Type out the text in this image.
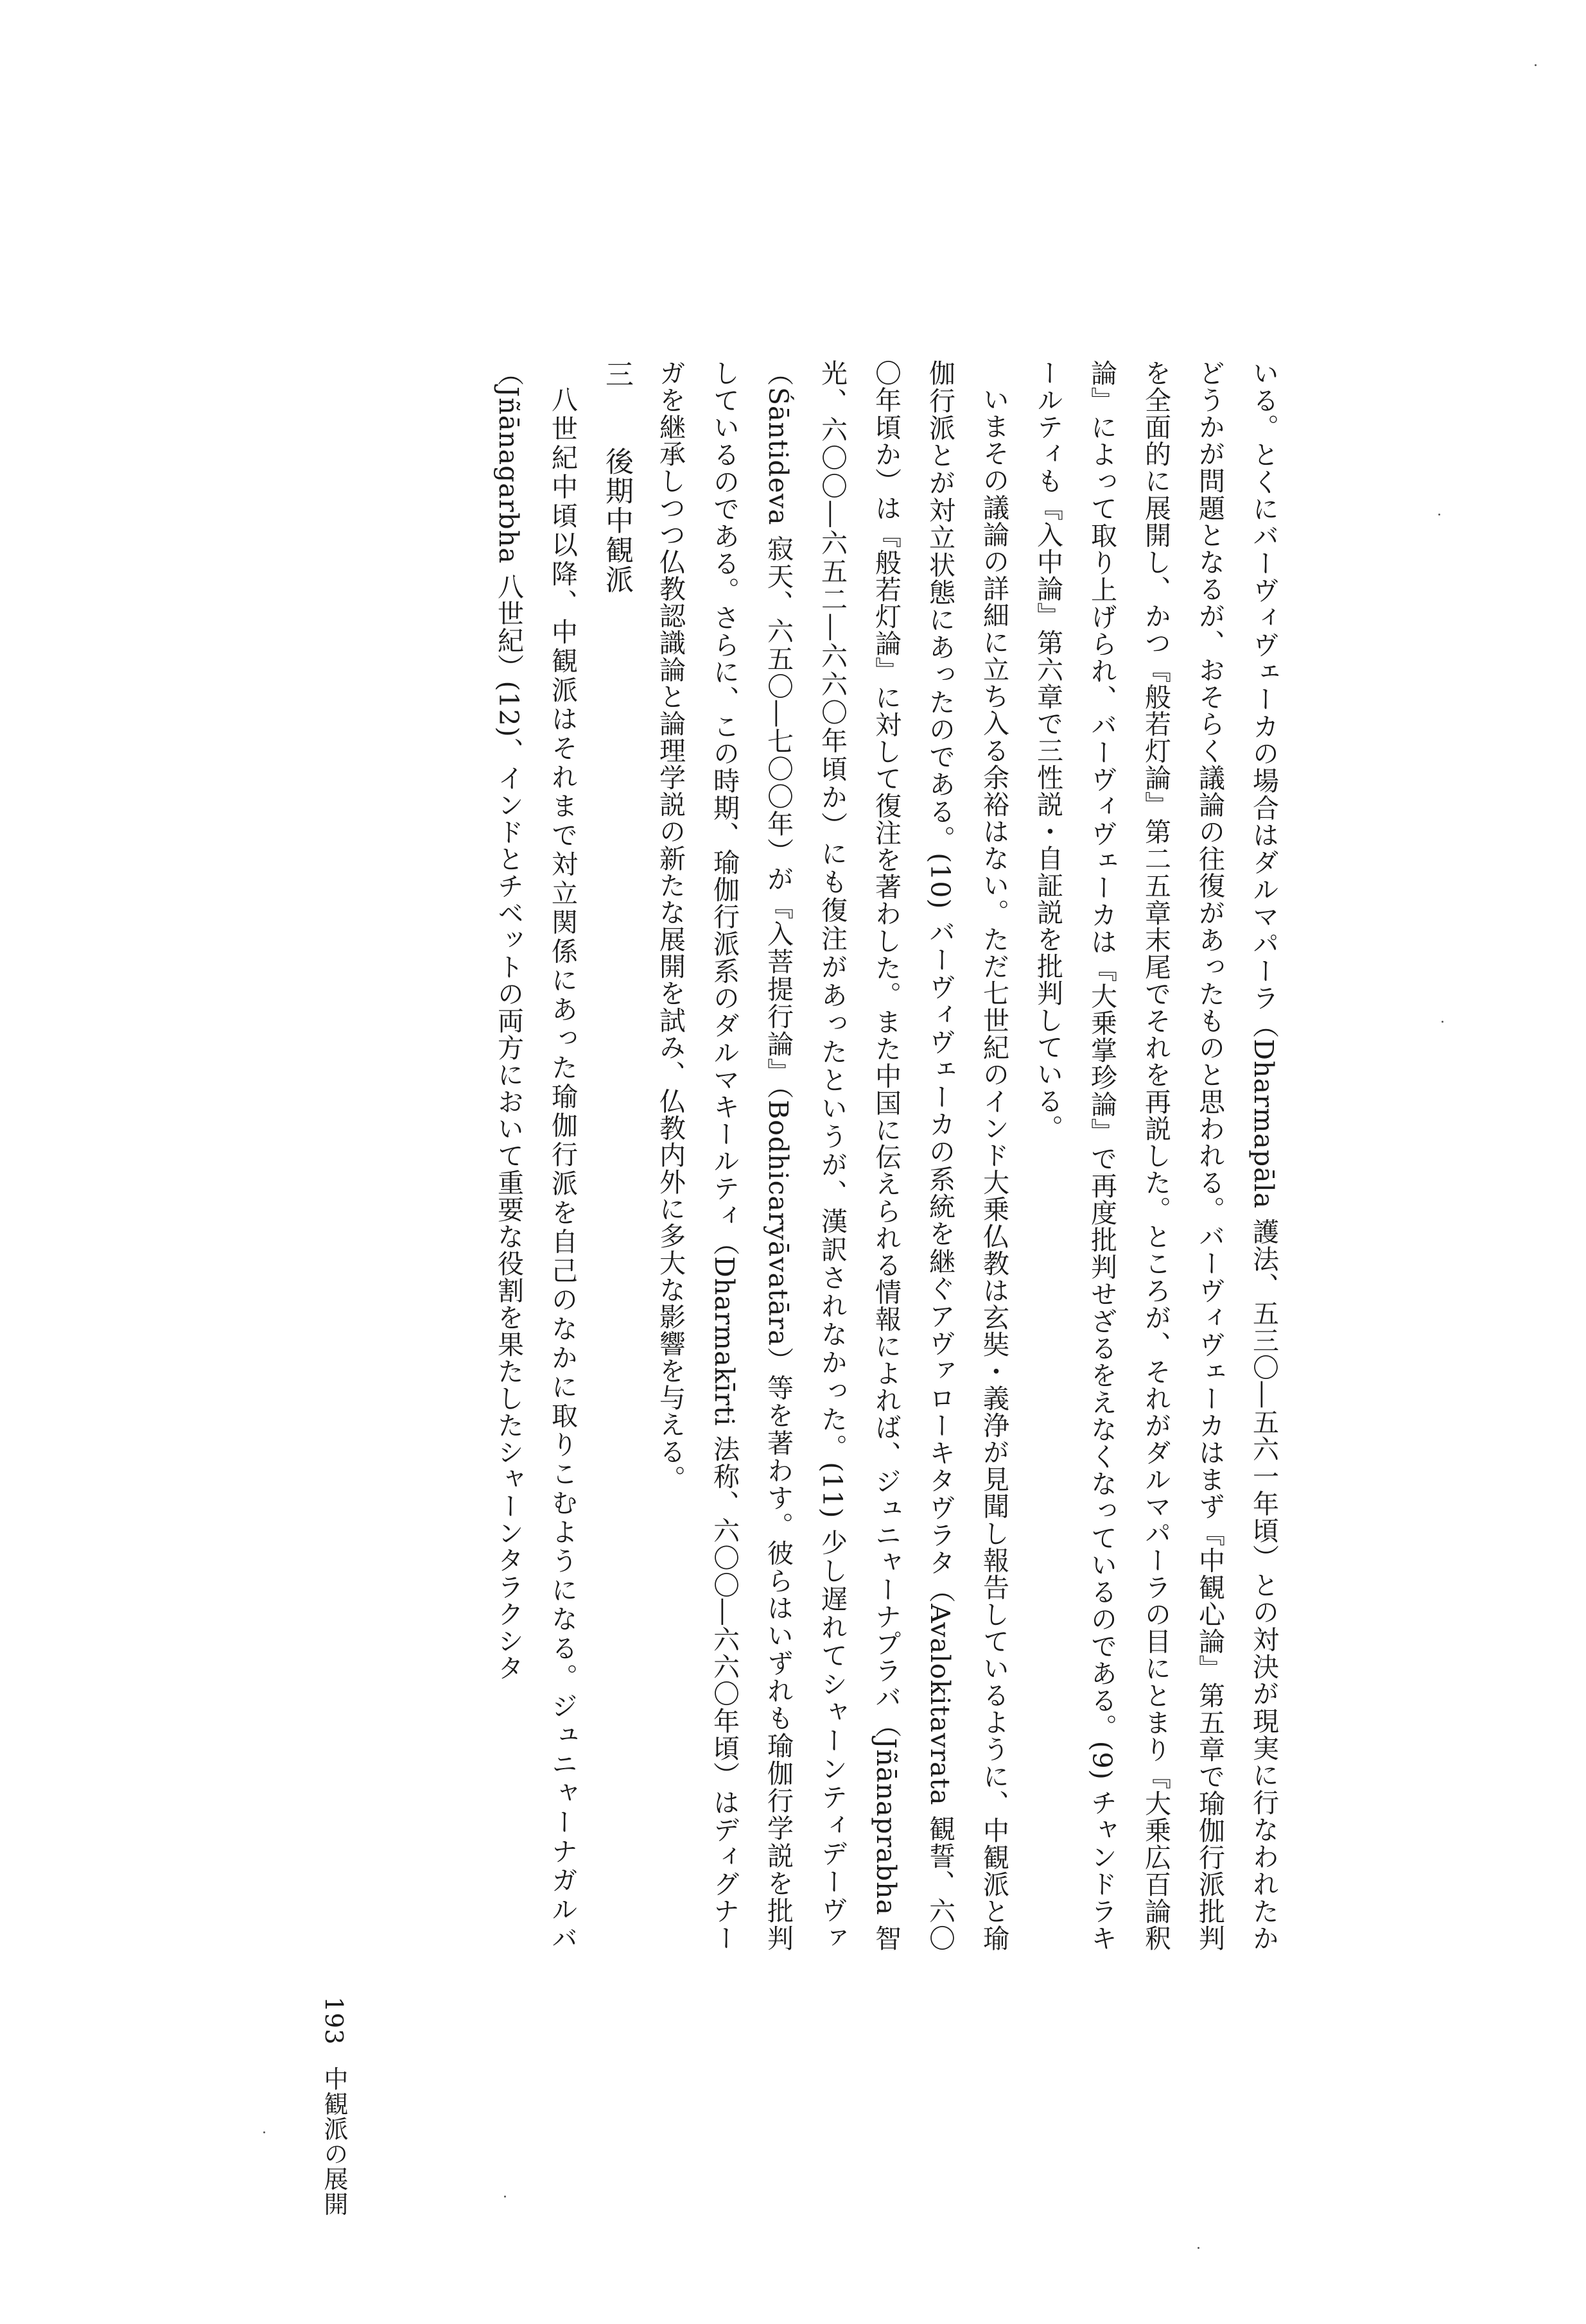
いる。とくにバーヴィヴェーカの場合はダルマパーラ（Dharmapāla 護法、五三〇―五六一年頃）との対決が現実に行なわれたかどうかが問題となるが、おそらく議論の往復があったものと思われる。バーヴィヴェーカはまず『中観心論』第五章で瑜伽行派批判を全面的に展開し、かつ『般若灯論』第二五章末尾でそれを再説した。ところが、それがダルマパーラの目にとまり『大乗広百論釈論』によって取り上げられ、バーヴィヴェーカは『大乗掌珍論』で再度批判せざるをえなくなっているのである。(9) チャンドラキールティも『入中論』第六章で三性説・自証説を批判している。

いまその議論の詳細に立ち入る余裕はない。ただ七世紀のインド大乗仏教は玄奘・義浄が見聞し報告しているように、中観派と瑜伽行派とが対立状態にあったのである。(10) バーヴィヴェーカの系統を継ぐアヴァローキタヴラタ（Avalokitavrata 観誓、六〇〇年頃か）は『般若灯論』に対して復注を著わした。また中国に伝えられる情報によれば、ジュニャーナプラバ（Jñānaprabha 智光、六〇〇―六五二―六六〇年頃か）にも復注があったというが、漢訳されなかった。(11) 少し遅れてシャーンティデーヴァ（Śāntideva 寂天、六五〇―七〇〇年）が『入菩提行論』（Bodhicaryāvatāra）等を著わす。彼らはいずれも瑜伽行学説を批判しているのである。さらに、この時期、瑜伽行派系のダルマキールティ（Dharmakīrti 法称、六〇〇―六六〇年頃）はディグナーガを継承しつつ仏教認識論と論理学説の新たな展開を試み、仏教内外に多大な影響を与える。

三　後期中観派

八世紀中頃以降、中観派はそれまで対立関係にあった瑜伽行派を自己のなかに取りこむようになる。ジュニャーナガルバ（Jñānagarbha 八世紀）(12)、インドとチベットの両方において重要な役割を果たしたシャーンタラクシタ

193 中観派の展開
